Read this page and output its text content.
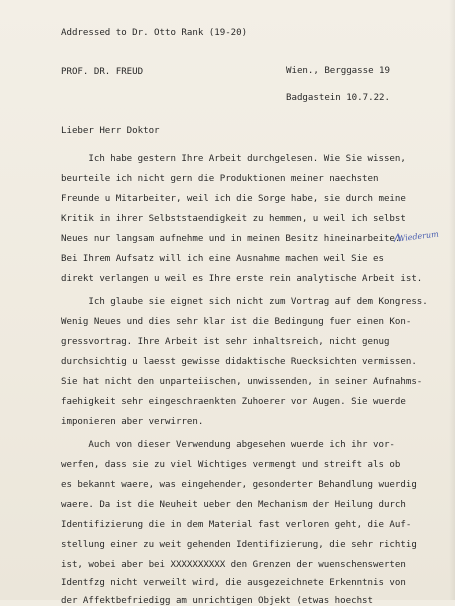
Addressed to Dr. Otto Rank (19-20)
PROF. DR. FREUD	Wien., Berggasse 19
Badgastein 10.7.22.
Lieber Herr Doktor
Ich habe gestern Ihre Arbeit durchgelesen. Wie Sie wissen,
beurteile ich nicht gern die Produktionen meiner naechsten
Freunde u Mitarbeiter, weil ich die Sorge habe, sie durch meine
Kritik in ihrer Selbststaendigkeit zu hemmen, u weil ich selbst
Neues nur langsam aufnehme und in meinen Besitz hineinarbeite.
Bei Ihrem Aufsatz will ich eine Ausnahme machen weil Sie es
direkt verlangen u weil es Ihre erste rein analytische Arbeit ist.
Ich glaube sie eignet sich nicht zum Vortrag auf dem Kongress.
Wenig Neues und dies sehr klar ist die Bedingung fuer einen Kon-
gressvortrag. Ihre Arbeit ist sehr inhaltsreich, nicht genug
durchsichtig u laesst gewisse didaktische Ruecksichten vermissen.
Sie hat nicht den unparteiischen, unwissenden, in seiner Aufnahms-
faehigkeit sehr eingeschraenkten Zuhoerer vor Augen. Sie wuerde
imponieren aber verwirren.
Auch von dieser Verwendung abgesehen wuerde ich ihr vor-
werfen, dass sie zu viel Wichtiges vermengt und streift als ob
es bekannt waere, was eingehender, gesonderter Behandlung wuerdig
waere. Da ist die Neuheit ueber den Mechanism der Heilung durch
Identifizierung die in dem Material fast verloren geht, die Auf-
stellung einer zu weit gehenden Identifizierung, die sehr richtig
ist, wobei aber bei XXXXXXXXXX den Grenzen der wuenschenswerten
Identfzg nicht verweilt wird, die ausgezeichnete Erkenntnis von
der Affektbefriedigg am unrichtigen Objekt (etwas hoechst
Wiederum
